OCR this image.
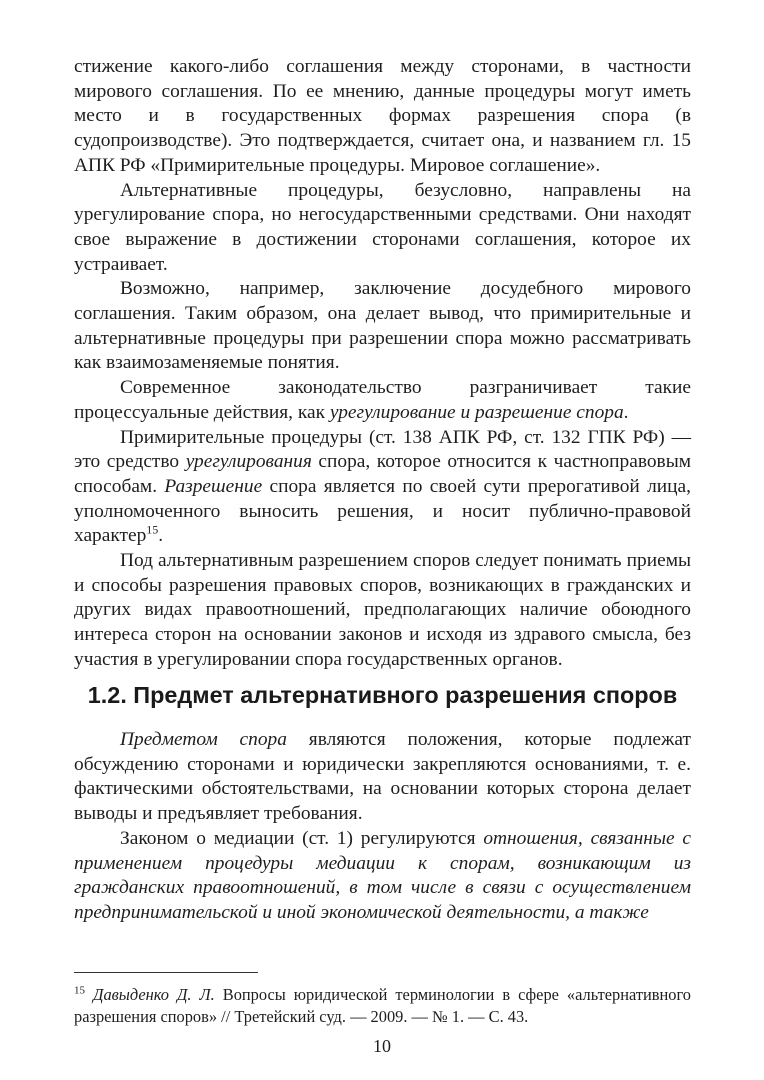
стижение какого-либо соглашения между сторонами, в частности мирового соглашения. По ее мнению, данные процедуры могут иметь место и в государственных формах разрешения спора (в судопроизводстве). Это подтверждается, считает она, и названием гл. 15 АПК РФ «Примирительные процедуры. Мировое соглашение».

Альтернативные процедуры, безусловно, направлены на урегулирование спора, но негосударственными средствами. Они находят свое выражение в достижении сторонами соглашения, которое их устраивает.

Возможно, например, заключение досудебного мирового соглашения. Таким образом, она делает вывод, что примирительные и альтернативные процедуры при разрешении спора можно рассматривать как взаимозаменяемые понятия.

Современное законодательство разграничивает такие процессуальные действия, как урегулирование и разрешение спора.

Примирительные процедуры (ст. 138 АПК РФ, ст. 132 ГПК РФ) — это средство урегулирования спора, которое относится к частноправовым способам. Разрешение спора является по своей сути прерогативой лица, уполномоченного выносить решения, и носит публично-правовой характер$^{15}$.

Под альтернативным разрешением споров следует понимать приемы и способы разрешения правовых споров, возникающих в гражданских и других видах правоотношений, предполагающих наличие обоюдного интереса сторон на основании законов и исходя из здравого смысла, без участия в урегулировании спора государственных органов.

1.2. Предмет альтернативного разрешения споров

Предметом спора являются положения, которые подлежат обсуждению сторонами и юридически закрепляются основаниями, т. е. фактическими обстоятельствами, на основании которых сторона делает выводы и предъявляет требования.

Законом о медиации (ст. 1) регулируются отношения, связанные с применением процедуры медиации к спорам, возникающим из гражданских правоотношений, в том числе в связи с осуществлением предпринимательской и иной экономической деятельности, а также

$^{15}$ Давыденко Д. Л. Вопросы юридической терминологии в сфере «альтернативного разрешения споров» // Третейский суд. — 2009. — № 1. — С. 43.
10
